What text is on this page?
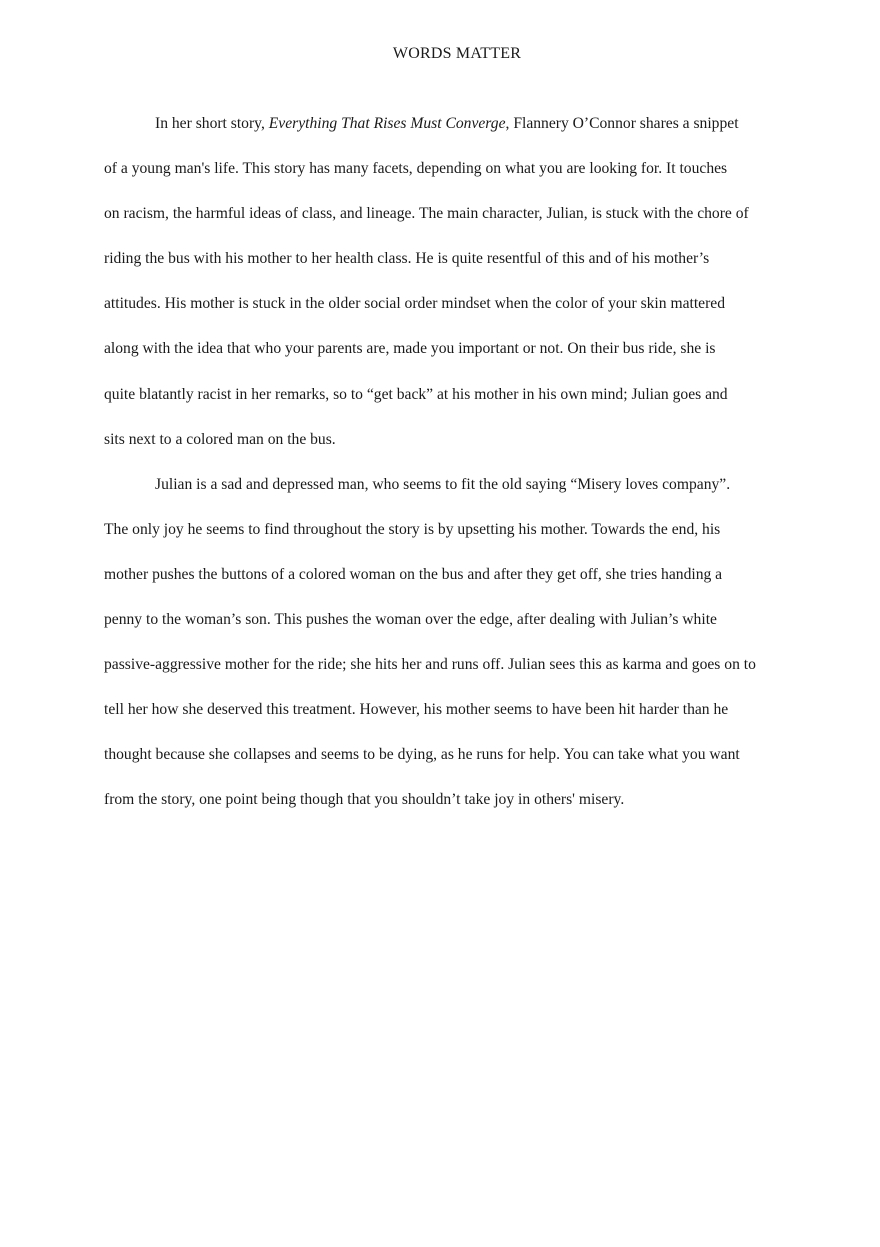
WORDS MATTER

In her short story, Everything That Rises Must Converge, Flannery O’Connor shares a snippet
of a young man's life. This story has many facets, depending on what you are looking for. It touches
on racism, the harmful ideas of class, and lineage. The main character, Julian, is stuck with the chore of
riding the bus with his mother to her health class. He is quite resentful of this and of his mother’s
attitudes. His mother is stuck in the older social order mindset when the color of your skin mattered
along with the idea that who your parents are, made you important or not. On their bus ride, she is
quite blatantly racist in her remarks, so to “get back” at his mother in his own mind; Julian goes and
sits next to a colored man on the bus.

Julian is a sad and depressed man, who seems to fit the old saying “Misery loves company”.
The only joy he seems to find throughout the story is by upsetting his mother. Towards the end, his
mother pushes the buttons of a colored woman on the bus and after they get off, she tries handing a
penny to the woman’s son. This pushes the woman over the edge, after dealing with Julian’s white
passive-aggressive mother for the ride; she hits her and runs off. Julian sees this as karma and goes on to
tell her how she deserved this treatment. However, his mother seems to have been hit harder than he
thought because she collapses and seems to be dying, as he runs for help. You can take what you want
from the story, one point being though that you shouldn’t take joy in others' misery.
